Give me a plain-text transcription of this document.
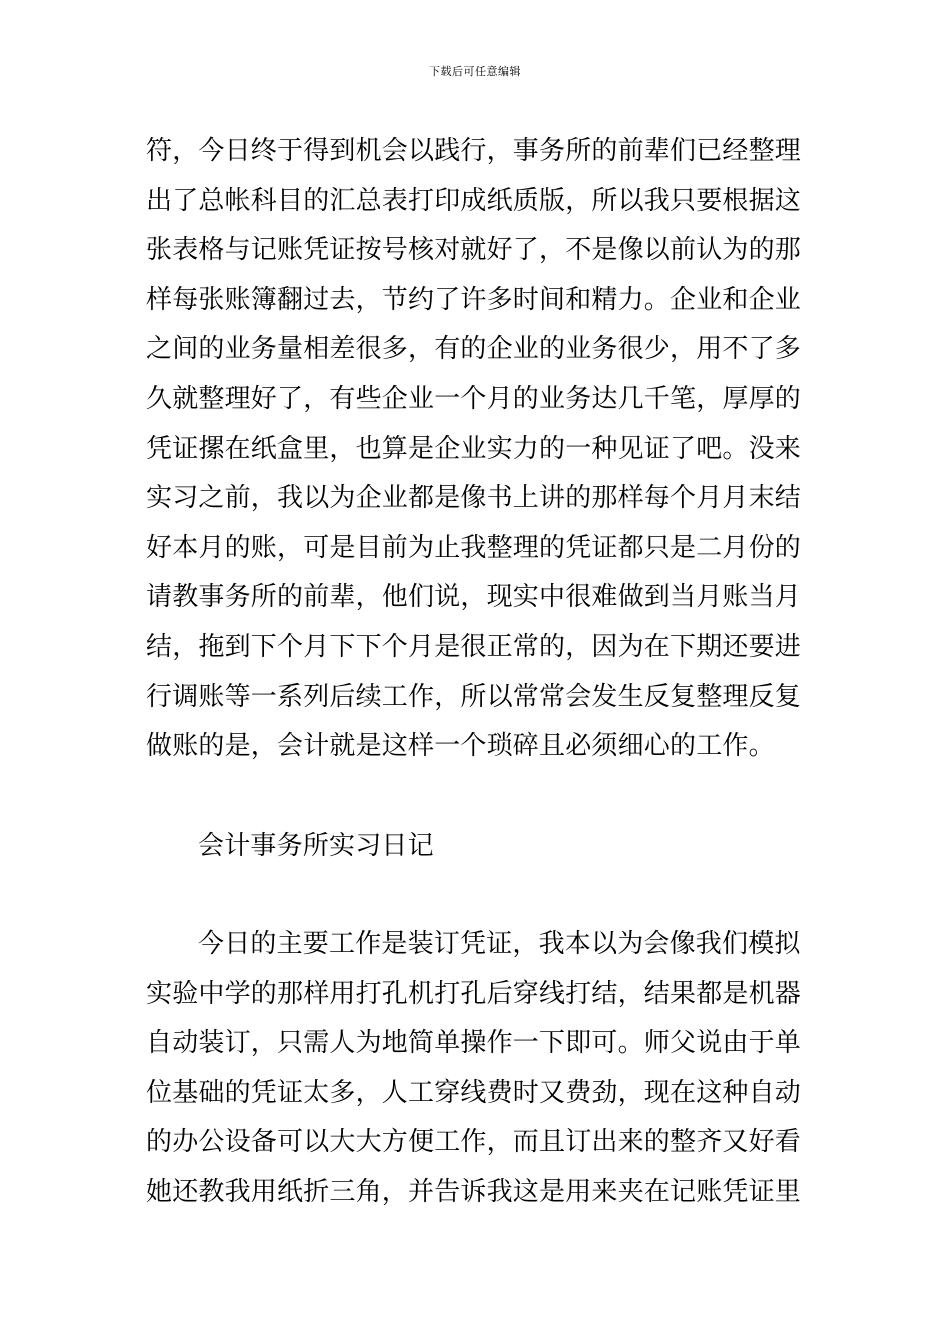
下载后可任意编辑
符，今日终于得到机会以践行，事务所的前辈们已经整理
出了总帐科目的汇总表打印成纸质版，所以我只要根据这
张表格与记账凭证按号核对就好了，不是像以前认为的那
样每张账簿翻过去，节约了许多时间和精力。企业和企业
之间的业务量相差很多，有的企业的业务很少，用不了多
久就整理好了，有些企业一个月的业务达几千笔，厚厚的
凭证摞在纸盒里，也算是企业实力的一种见证了吧。没来
实习之前，我以为企业都是像书上讲的那样每个月月末结
好本月的账，可是目前为止我整理的凭证都只是二月份的
请教事务所的前辈，他们说，现实中很难做到当月账当月
结，拖到下个月下下个月是很正常的，因为在下期还要进
行调账等一系列后续工作，所以常常会发生反复整理反复
做账的是，会计就是这样一个琐碎且必须细心的工作。
会计事务所实习日记
今日的主要工作是装订凭证，我本以为会像我们模拟
实验中学的那样用打孔机打孔后穿线打结，结果都是机器
自动装订，只需人为地简单操作一下即可。师父说由于单
位基础的凭证太多，人工穿线费时又费劲，现在这种自动
的办公设备可以大大方便工作，而且订出来的整齐又好看
她还教我用纸折三角，并告诉我这是用来夹在记账凭证里
